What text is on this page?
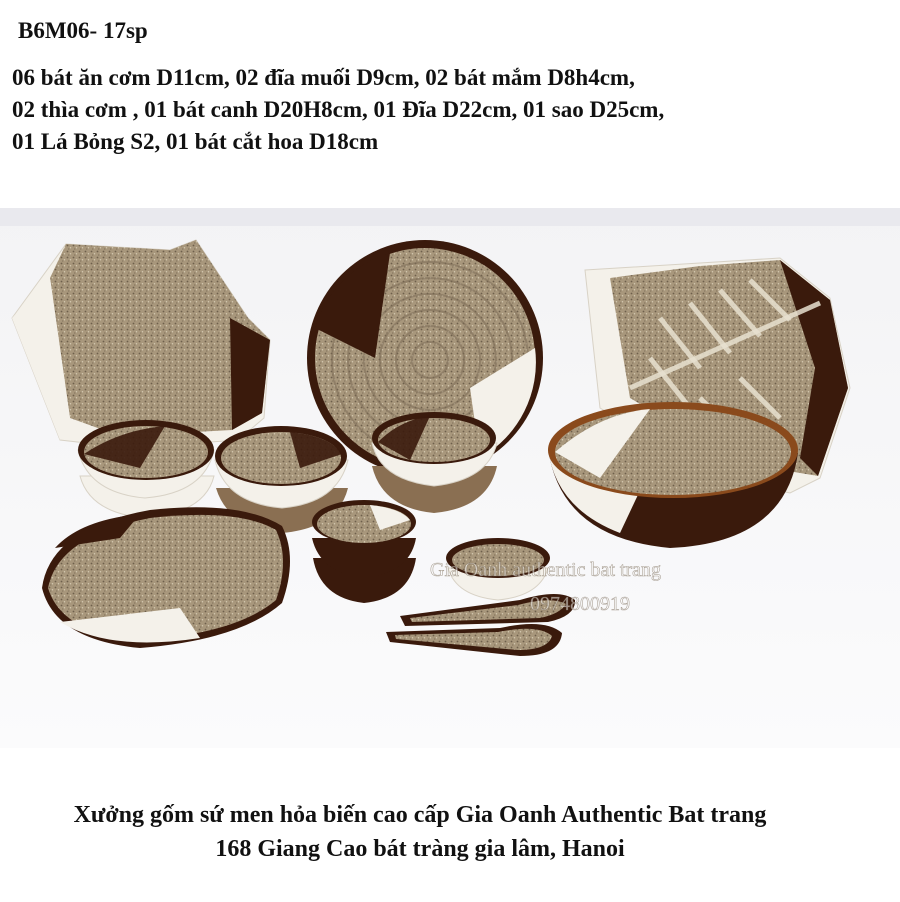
B6M06- 17sp
06 bát ăn cơm D11cm, 02 đĩa muối D9cm, 02 bát mắm D8h4cm,
02 thìa cơm , 01 bát canh D20H8cm, 01 Đĩa D22cm, 01 sao D25cm,
01 Lá Bỏng S2, 01 bát cắt hoa D18cm
Gia Oanh authentic bat trang
0974800919
Xưởng gốm sứ men hỏa biến cao cấp Gia Oanh Authentic Bat trang
168 Giang Cao bát tràng gia lâm, Hanoi
